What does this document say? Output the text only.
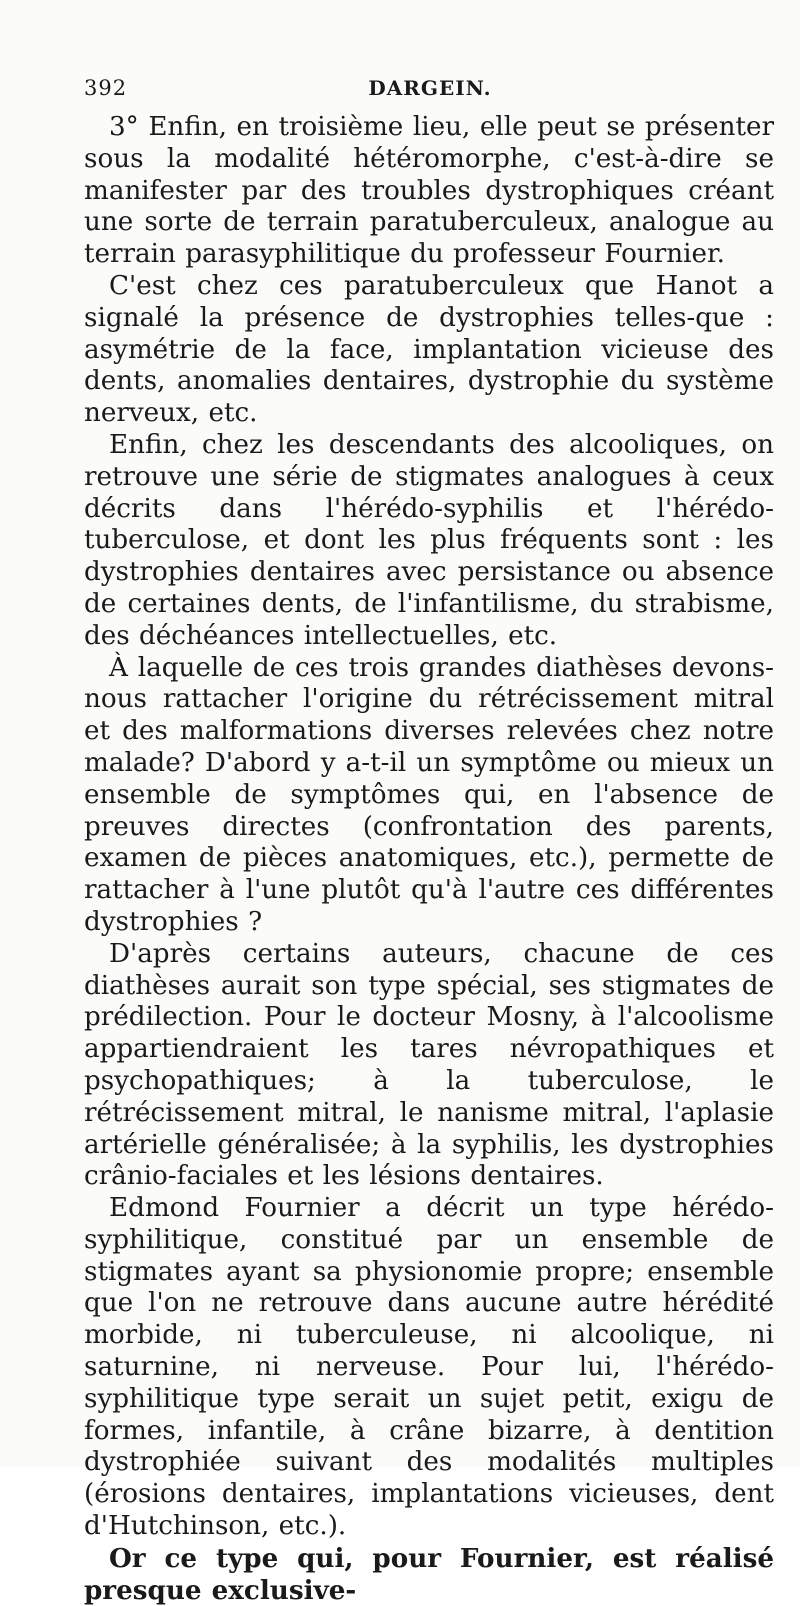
392	DARGEIN.

3° Enfin, en troisième lieu, elle peut se présenter sous la modalité hétéromorphe, c'est-à-dire se manifester par des troubles dystrophiques créant une sorte de terrain paratuberculeux, analogue au terrain parasyphilitique du professeur Fournier.

C'est chez ces paratuberculeux que Hanot a signalé la présence de dystrophies telles-que : asymétrie de la face, implantation vicieuse des dents, anomalies dentaires, dystrophie du système nerveux, etc.

Enfin, chez les descendants des alcooliques, on retrouve une série de stigmates analogues à ceux décrits dans l'hérédo-syphilis et l'hérédo-tuberculose, et dont les plus fréquents sont : les dystrophies dentaires avec persistance ou absence de certaines dents, de l'infantilisme, du strabisme, des déchéances intellectuelles, etc.

À laquelle de ces trois grandes diathèses devons-nous rattacher l'origine du rétrécissement mitral et des malformations diverses relevées chez notre malade? D'abord y a-t-il un symptôme ou mieux un ensemble de symptômes qui, en l'absence de preuves directes (confrontation des parents, examen de pièces anatomiques, etc.), permette de rattacher à l'une plutôt qu'à l'autre ces différentes dystrophies ?

D'après certains auteurs, chacune de ces diathèses aurait son type spécial, ses stigmates de prédilection. Pour le docteur Mosny, à l'alcoolisme appartiendraient les tares névropathiques et psychopathiques; à la tuberculose, le rétrécissement mitral, le nanisme mitral, l'aplasie artérielle généralisée; à la syphilis, les dystrophies crânio-faciales et les lésions dentaires.

Edmond Fournier a décrit un type hérédo-syphilitique, constitué par un ensemble de stigmates ayant sa physionomie propre; ensemble que l'on ne retrouve dans aucune autre hérédité morbide, ni tuberculeuse, ni alcoolique, ni saturnine, ni nerveuse. Pour lui, l'hérédo-syphilitique type serait un sujet petit, exigu de formes, infantile, à crâne bizarre, à dentition dystrophiée suivant des modalités multiples (érosions dentaires, implantations vicieuses, dent d'Hutchinson, etc.).

Or ce type qui, pour Fournier, est réalisé presque exclusive-
